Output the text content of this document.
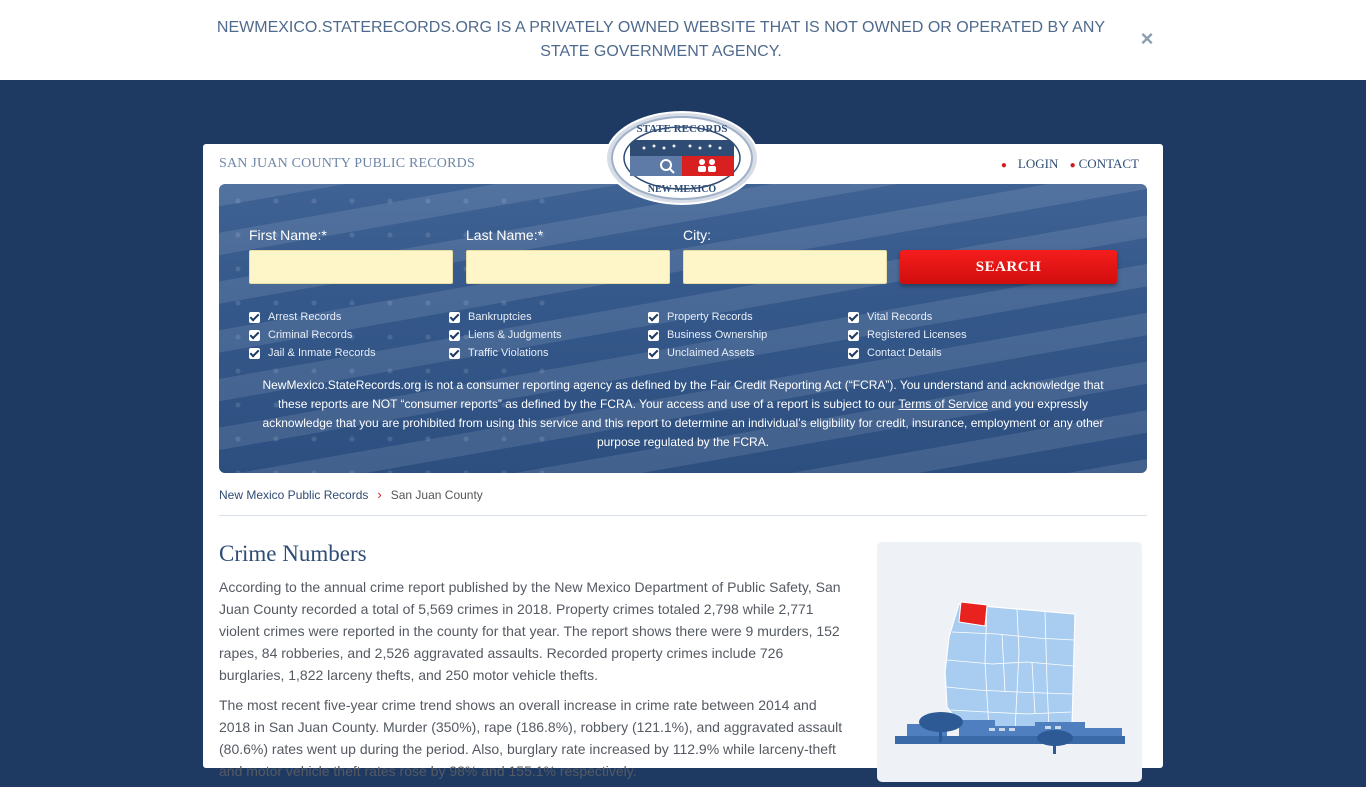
NEWMEXICO.STATERECORDS.ORG IS A PRIVATELY OWNED WEBSITE THAT IS NOT OWNED OR OPERATED BY ANY STATE GOVERNMENT AGENCY.
×
SAN JUAN COUNTY PUBLIC RECORDS	● LOGIN ● CONTACT
First Name:*	Last Name:*	City:
SEARCH
Arrest Records
Criminal Records
Jail & Inmate Records
Bankruptcies
Liens & Judgments
Traffic Violations
Property Records
Business Ownership
Unclaimed Assets
Vital Records
Registered Licenses
Contact Details
NewMexico.StateRecords.org is not a consumer reporting agency as defined by the Fair Credit Reporting Act (“FCRA”). You understand and acknowledge that these reports are NOT “consumer reports” as defined by the FCRA. Your access and use of a report is subject to our Terms of Service and you expressly acknowledge that you are prohibited from using this service and this report to determine an individual’s eligibility for credit, insurance, employment or any other purpose regulated by the FCRA.
New Mexico Public Records › San Juan County
Crime Numbers
According to the annual crime report published by the New Mexico Department of Public Safety, San Juan County recorded a total of 5,569 crimes in 2018. Property crimes totaled 2,798 while 2,771 violent crimes were reported in the county for that year. The report shows there were 9 murders, 152 rapes, 84 robberies, and 2,526 aggravated assaults. Recorded property crimes include 726 burglaries, 1,822 larceny thefts, and 250 motor vehicle thefts.
The most recent five-year crime trend shows an overall increase in crime rate between 2014 and 2018 in San Juan County. Murder (350%), rape (186.8%), robbery (121.1%), and aggravated assault (80.6%) rates went up during the period. Also, burglary rate increased by 112.9% while larceny-theft and motor vehicle theft rates rose by 98% and 155.1% respectively.
STATE RECORDS
NEW MEXICO
